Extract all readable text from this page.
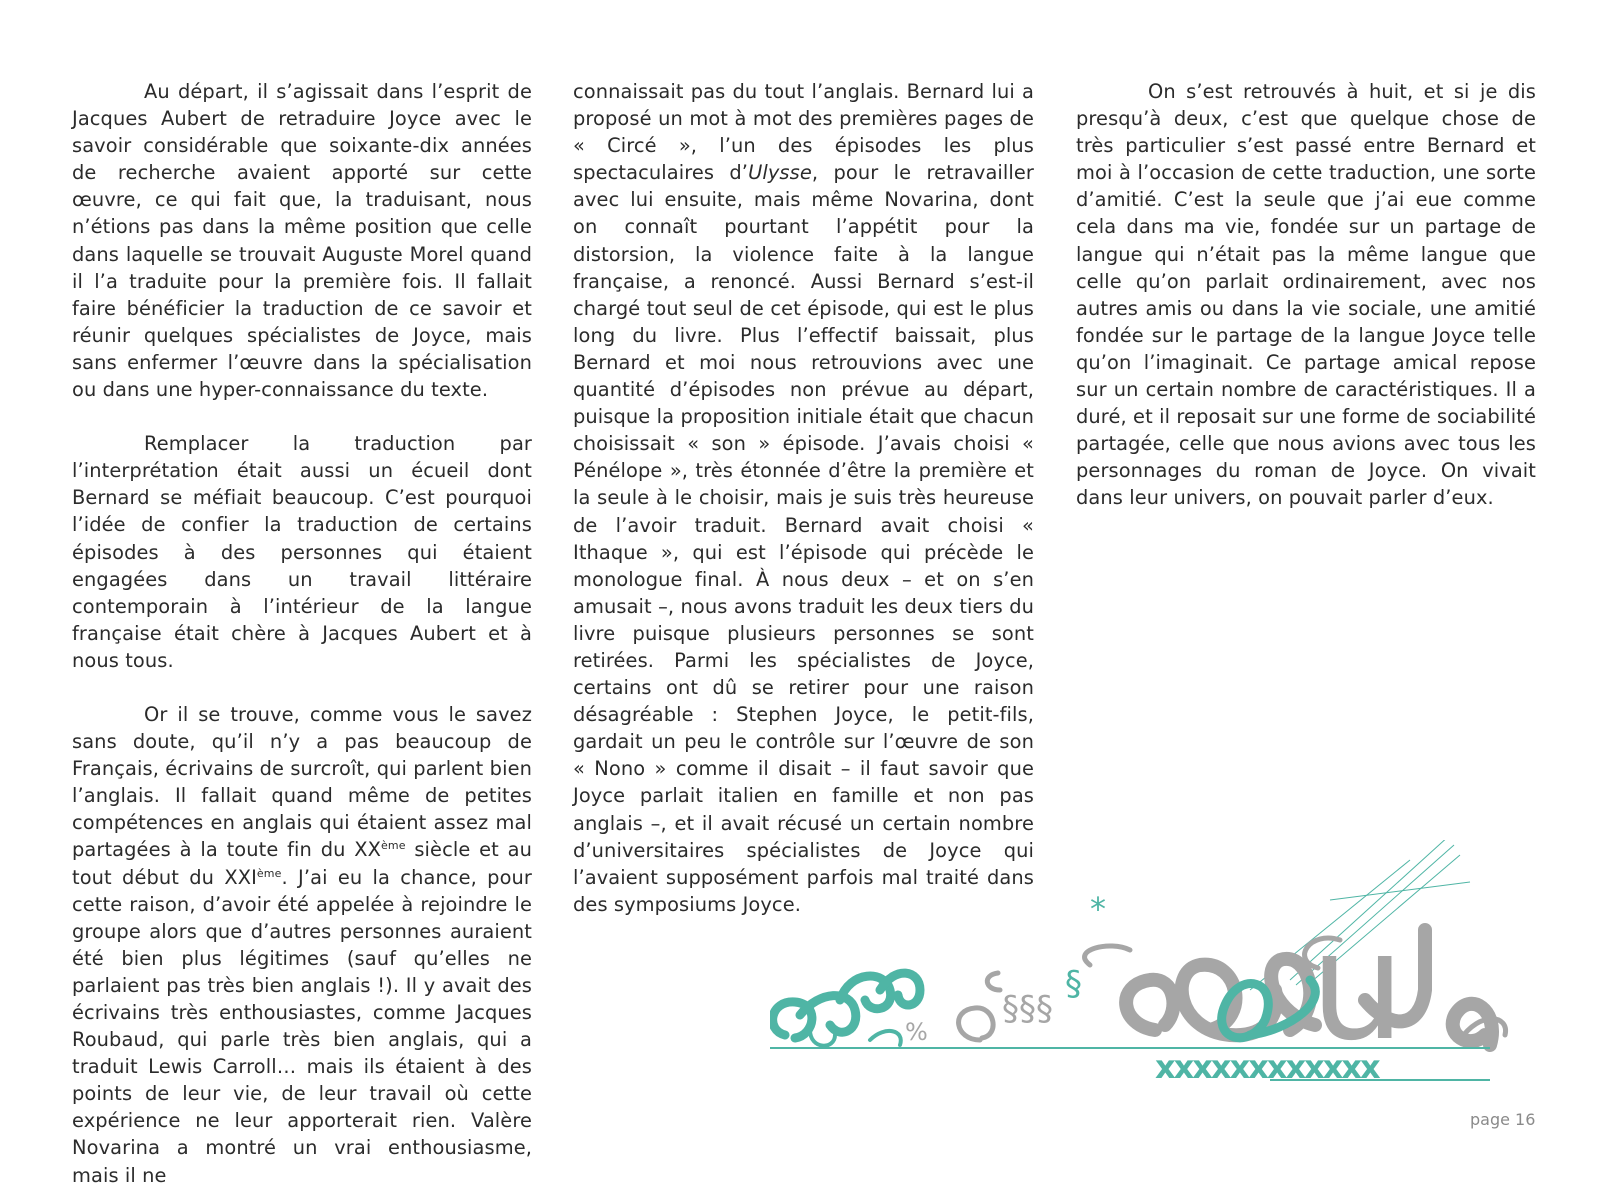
Au départ, il s’agissait dans l’esprit de Jacques Aubert de retraduire Joyce avec le savoir considérable que soixante-dix années de recherche avaient apporté sur cette œuvre, ce qui fait que, la traduisant, nous n’étions pas dans la même position que celle dans laquelle se trouvait Auguste Morel quand il l’a traduite pour la première fois. Il fallait faire bénéficier la traduction de ce savoir et réunir quelques spécialistes de Joyce, mais sans enfermer l’œuvre dans la spécialisation ou dans une hyper-connaissance du texte.

Remplacer la traduction par l’interprétation était aussi un écueil dont Bernard se méfiait beaucoup. C’est pourquoi l’idée de confier la traduction de certains épisodes à des personnes qui étaient engagées dans un travail littéraire contemporain à l’intérieur de la langue française était chère à Jacques Aubert et à nous tous.

Or il se trouve, comme vous le savez sans doute, qu’il n’y a pas beaucoup de Français, écrivains de surcroît, qui parlent bien l’anglais. Il fallait quand même de petites compétences en anglais qui étaient assez mal partagées à la toute fin du XXème siècle et au tout début du XXIème. J’ai eu la chance, pour cette raison, d’avoir été appelée à rejoindre le groupe alors que d’autres personnes auraient été bien plus légitimes (sauf qu’elles ne parlaient pas très bien anglais !). Il y avait des écrivains très enthousiastes, comme Jacques Roubaud, qui parle très bien anglais, qui a traduit Lewis Carroll… mais ils étaient à des points de leur vie, de leur travail où cette expérience ne leur apporterait rien. Valère Novarina a montré un vrai enthousiasme, mais il ne

connaissait pas du tout l’anglais. Bernard lui a proposé un mot à mot des premières pages de « Circé », l’un des épisodes les plus spectaculaires d’Ulysse, pour le retravailler avec lui ensuite, mais même Novarina, dont on connaît pourtant l’appétit pour la distorsion, la violence faite à la langue française, a renoncé. Aussi Bernard s’est-il chargé tout seul de cet épisode, qui est le plus long du livre. Plus l’effectif baissait, plus Bernard et moi nous retrouvions avec une quantité d’épisodes non prévue au départ, puisque la proposition initiale était que chacun choisissait « son » épisode. J’avais choisi « Pénélope », très étonnée d’être la première et la seule à le choisir, mais je suis très heureuse de l’avoir traduit. Bernard avait choisi « Ithaque », qui est l’épisode qui précède le monologue final. À nous deux – et on s’en amusait –, nous avons traduit les deux tiers du livre puisque plusieurs personnes se sont retirées. Parmi les spécialistes de Joyce, certains ont dû se retirer pour une raison désagréable : Stephen Joyce, le petit-fils, gardait un peu le contrôle sur l’œuvre de son « Nono » comme il disait – il faut savoir que Joyce parlait italien en famille et non pas anglais –, et il avait récusé un certain nombre d’universitaires spécialistes de Joyce qui l’avaient supposément parfois mal traité dans des symposiums Joyce.

On s’est retrouvés à huit, et si je dis presqu’à deux, c’est que quelque chose de très particulier s’est passé entre Bernard et moi à l’occasion de cette traduction, une sorte d’amitié. C’est la seule que j’ai eue comme cela dans ma vie, fondée sur un partage de langue qui n’était pas la même langue que celle qu’on parlait ordinairement, avec nos autres amis ou dans la vie sociale, une amitié fondée sur le partage de la langue Joyce telle qu’on l’imaginait. Ce partage amical repose sur un certain nombre de caractéristiques. Il a duré, et il reposait sur une forme de sociabilité partagée, celle que nous avions avec tous les personnages du roman de Joyce. On vivait dans leur univers, on pouvait parler d’eux.

u
*
%
§§§
§
xxxxxxxxxxxx
page 16
